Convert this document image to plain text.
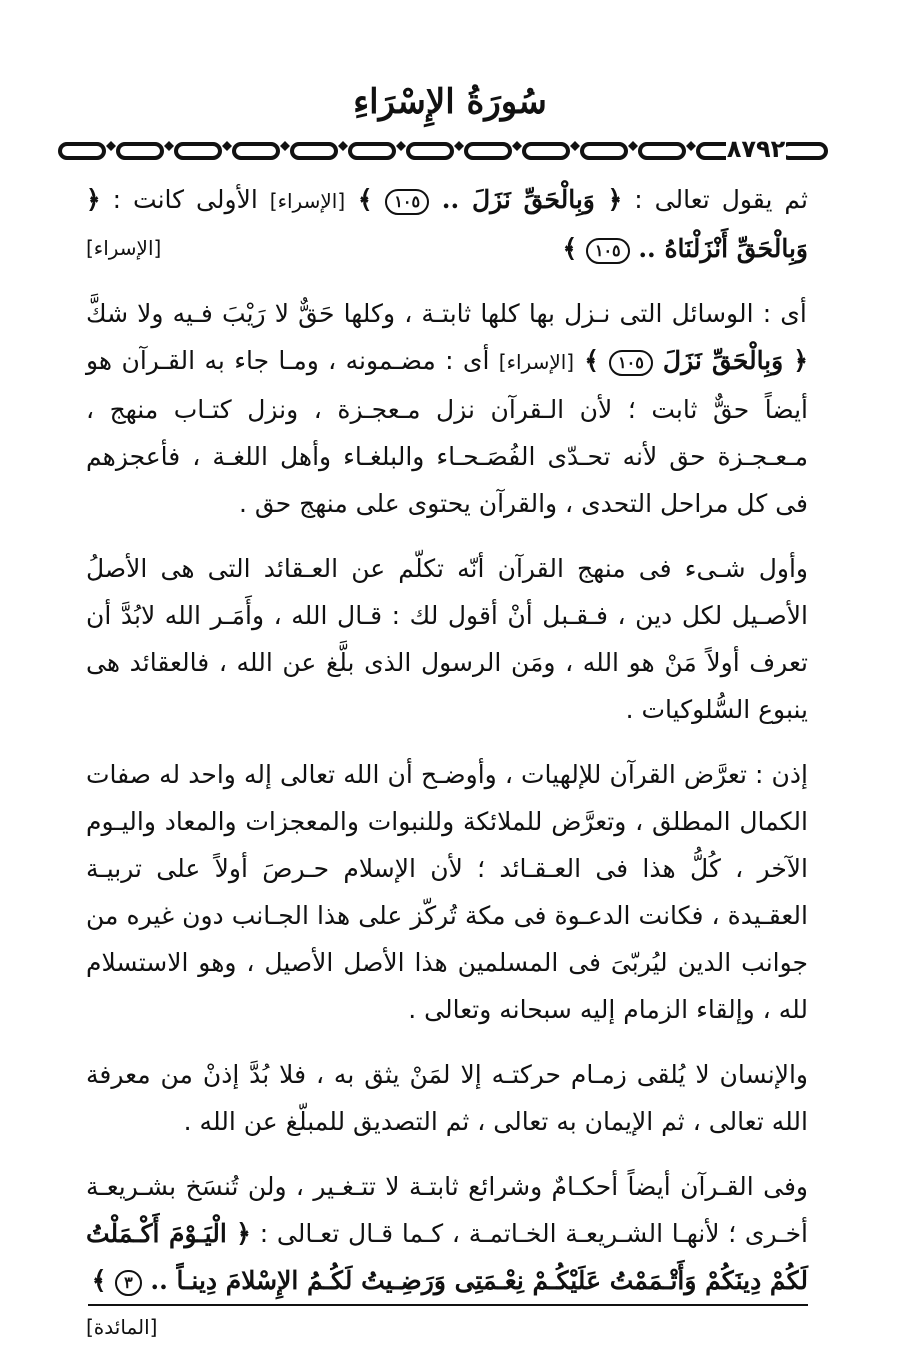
سُورَةُ الإِسْرَاءِ
٨٧٩٢

ثم يقول تعالى : ﴿ وَبِالْحَقِّ نَزَلَ .. ١٠٥ ﴾ [الإسراء] الأولى كانت : ﴿ وَبِالْحَقِّ أَنْزَلْنَاهُ .. ١٠٥ ﴾
[الإسراء]

أى : الوسائل التى نـزل بها كلها ثابتـة ، وكلها حَقٌّ لا رَيْبَ فـيه ولا شكَّ ﴿ وَبِالْحَقِّ نَزَلَ ١٠٥ ﴾ [الإسراء] أى : مضـمونه ، ومـا جاء به القـرآن هو أيضاً حقٌّ ثابت ؛ لأن الـقرآن نزل مـعجـزة ، ونزل كتـاب منهج ، مـعـجـزة حق لأنه تحـدّى الفُصَـحـاء والبلغـاء وأهل اللغـة ، فأعجزهم فى كل مراحل التحدى ، والقرآن يحتوى على منهج حق .

وأول شـىء فى منهج القرآن أنّه تكلّم عن العـقائد التى هى الأصلُ الأصـيل لكل دين ، فـقـبل أنْ أقول لك : قـال الله ، وأَمَـر الله لابُدَّ أن تعرف أولاً مَنْ هو الله ، ومَن الرسول الذى بلَّغ عن الله ، فالعقائد هى ينبوع السُّلوكيات .

إذن : تعرَّض القرآن للإلهيات ، وأوضـح أن الله تعالى إله واحد له صفات الكمال المطلق ، وتعرَّض للملائكة وللنبوات والمعجزات والمعاد واليـوم الآخر ، كُلُّ هذا فى العـقـائد ؛ لأن الإسلام حـرصَ أولاً على تربيـة العقـيدة ، فكانت الدعـوة فى مكة تُركّز على هذا الجـانب دون غيره من جوانب الدين ليُربّىَ فى المسلمين هذا الأصل الأصيل ، وهو الاستسلام لله ، وإلقاء الزمام إليه سبحانه وتعالى .

والإنسان لا يُلقى زمـام حركتـه إلا لمَنْ يثق به ، فلا بُدَّ إذنْ من معرفة الله تعالى ، ثم الإيمان به تعالى ، ثم التصديق للمبلّغ عن الله .

وفى القـرآن أيضاً أحكـامٌ وشرائع ثابتـة لا تتـغـير ، ولن تُنسَخ بشـريعـة أخـرى ؛ لأنهـا الشـريعـة الخـاتمـة ، كـما قـال تعـالى : ﴿ الْيَـوْمَ أَكْـمَلْتُ لَكُمْ دِينَكُمْ وَأَتْـمَمْتُ عَلَيْكُـمْ نِعْـمَتِى وَرَضِـيتُ لَكُـمُ الإِسْلامَ دِينـاً .. ٣ ﴾
[المائدة]
